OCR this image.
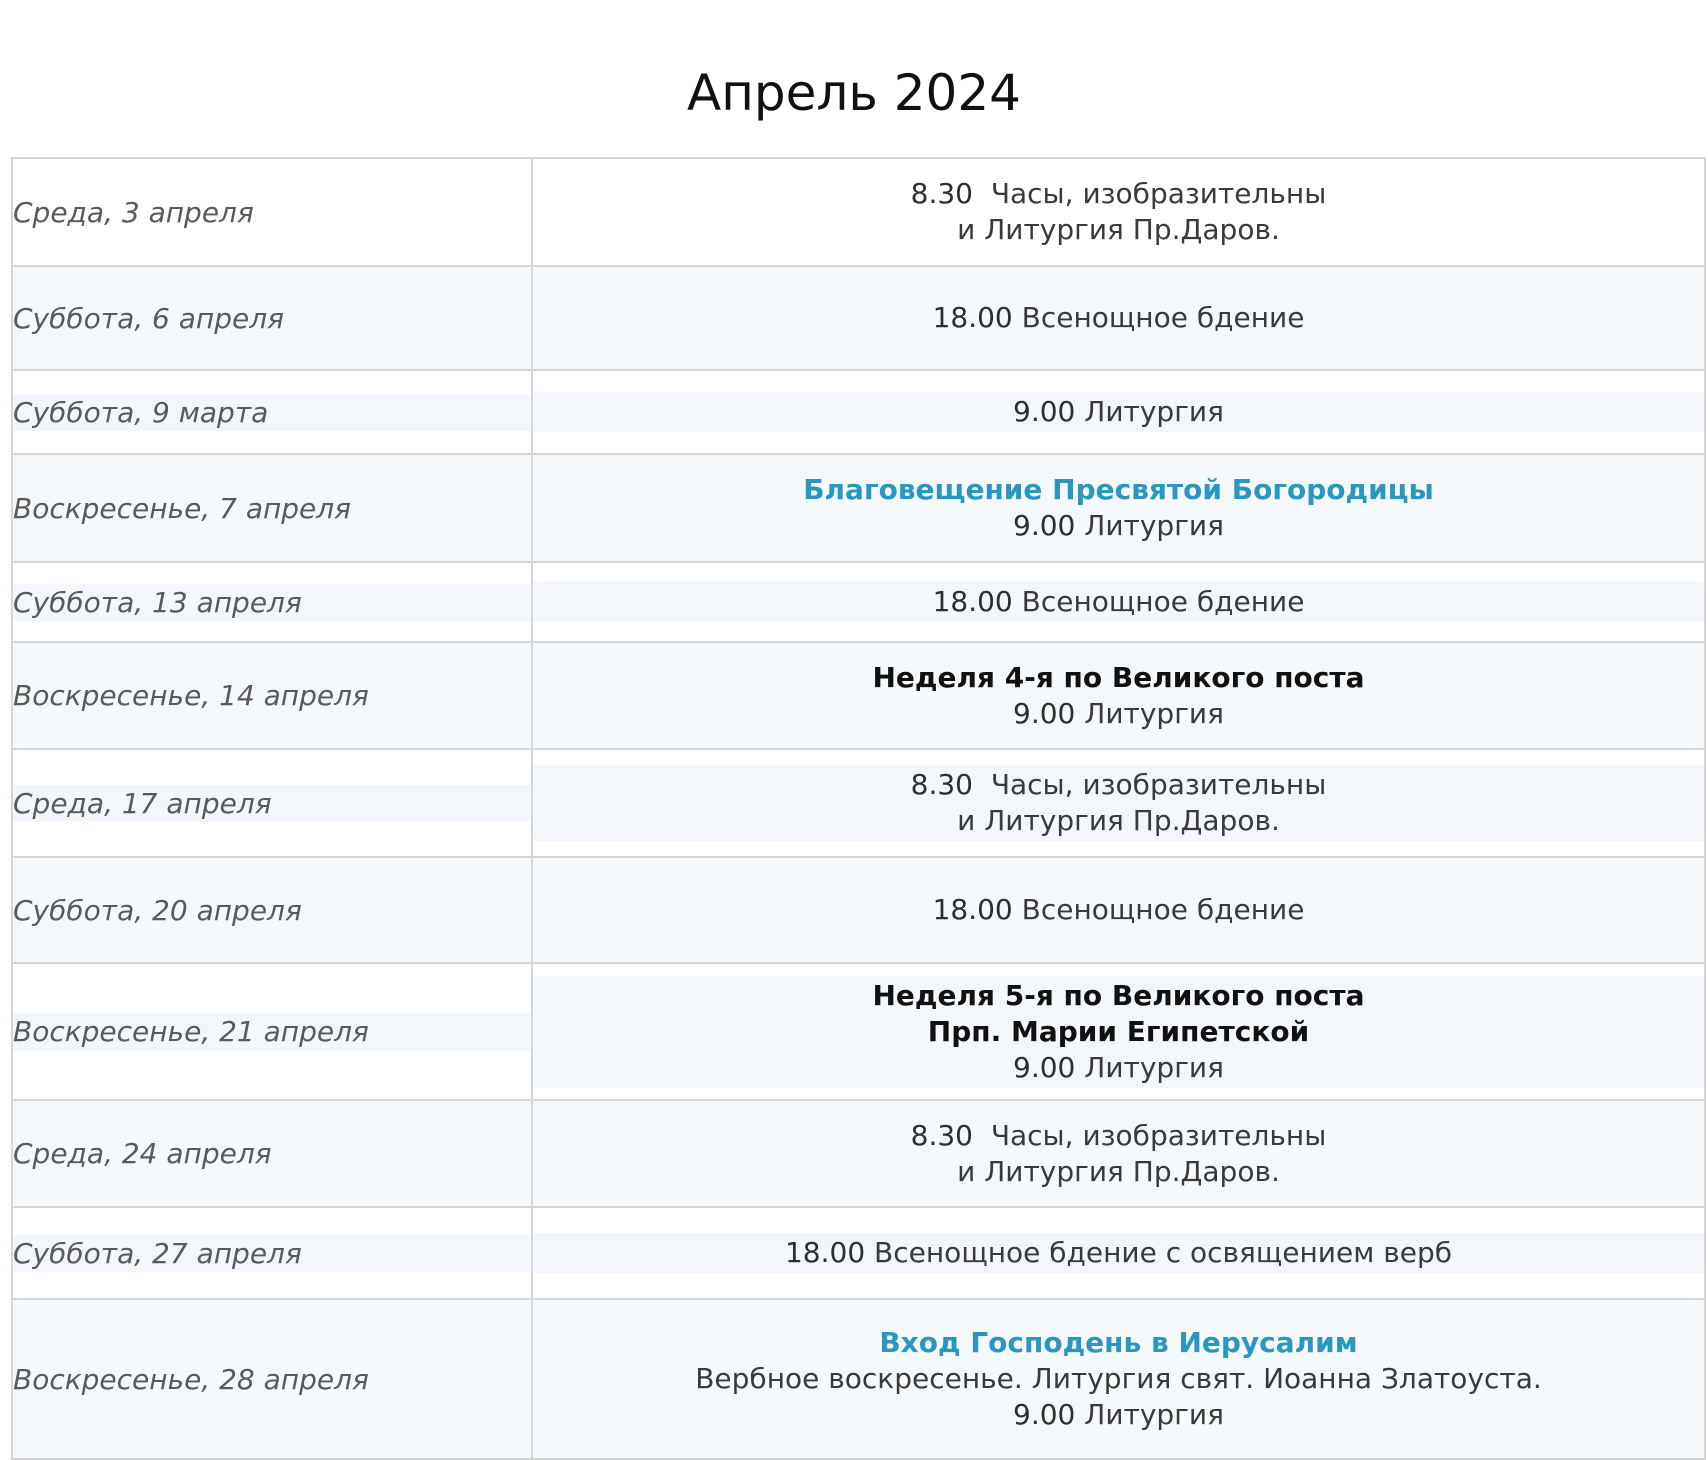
Апрель 2024
Среда, 3 апреля	8.30 Часы, изобразительны
и Литургия Пр.Даров.

Суббота, 6 апреля	18.00 Всенощное бдение

Суббота, 9 марта	9.00 Литургия

Воскресенье, 7 апреля	Благовещение Пресвятой Богородицы
9.00 Литургия

Суббота, 13 апреля	18.00 Всенощное бдение

Воскресенье, 14 апреля	Неделя 4-я по Великого поста
9.00 Литургия

Среда, 17 апреля	8.30 Часы, изобразительны
и Литургия Пр.Даров.

Суббота, 20 апреля	18.00 Всенощное бдение

Воскресенье, 21 апреля	Неделя 5-я по Великого поста
Прп. Марии Египетской
9.00 Литургия

Среда, 24 апреля	8.30 Часы, изобразительны
и Литургия Пр.Даров.

Суббота, 27 апреля	18.00 Всенощное бдение с освящением верб

Воскресенье, 28 апреля	Вход Господень в Иерусалим
Вербное воскресенье. Литургия свят. Иоанна Златоуста.
9.00 Литургия
